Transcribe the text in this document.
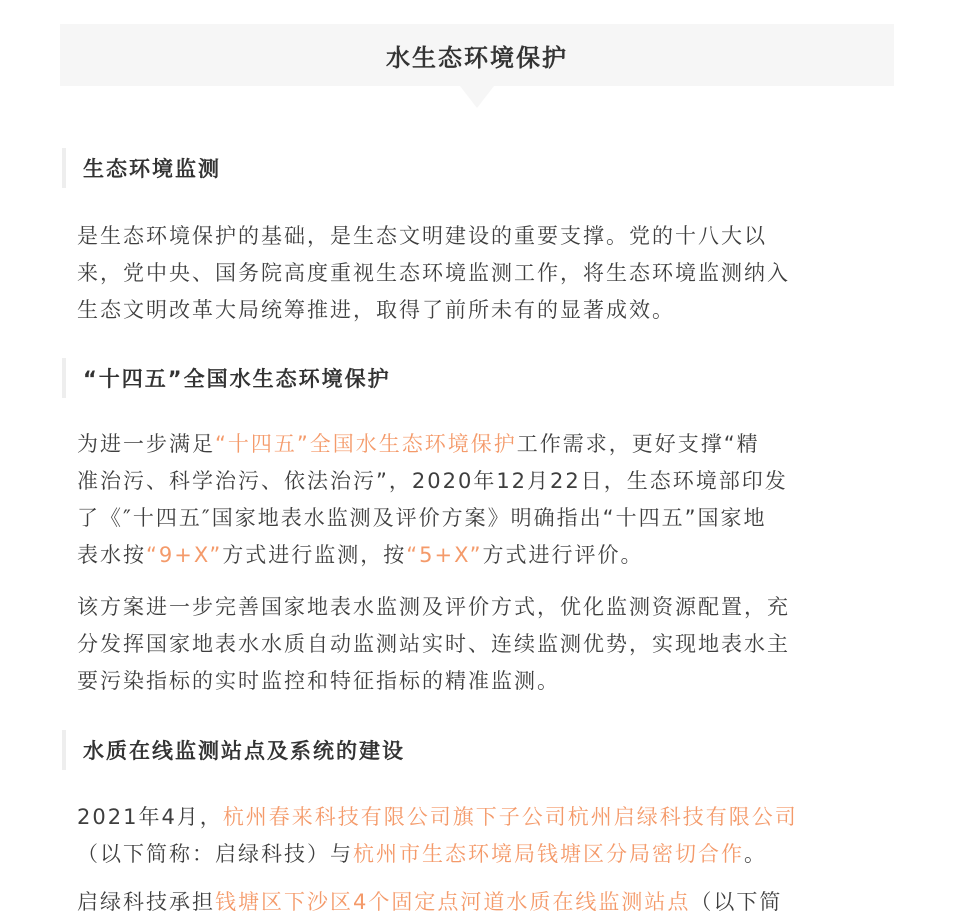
水生态环境保护
生态环境监测

是生态环境保护的基础，是生态文明建设的重要支撑。党的十八大以
来，党中央、国务院高度重视生态环境监测工作，将生态环境监测纳入
生态文明改革大局统筹推进，取得了前所未有的显著成效。

“十四五”全国水生态环境保护

为进一步满足“十四五”全国水生态环境保护工作需求，更好支撑“精
准治污、科学治污、依法治污”，2020年12月22日，生态环境部印发
了《″十四五″国家地表水监测及评价方案》明确指出“十四五”国家地
表水按“9+X”方式进行监测，按“5+X”方式进行评价。

该方案进一步完善国家地表水监测及评价方式，优化监测资源配置，充
分发挥国家地表水水质自动监测站实时、连续监测优势，实现地表水主
要污染指标的实时监控和特征指标的精准监测。

水质在线监测站点及系统的建设

2021年4月，杭州春来科技有限公司旗下子公司杭州启绿科技有限公司
（以下简称：启绿科技）与杭州市生态环境局钱塘区分局密切合作。

启绿科技承担钱塘区下沙区4个固定点河道水质在线监测站点（以下简
